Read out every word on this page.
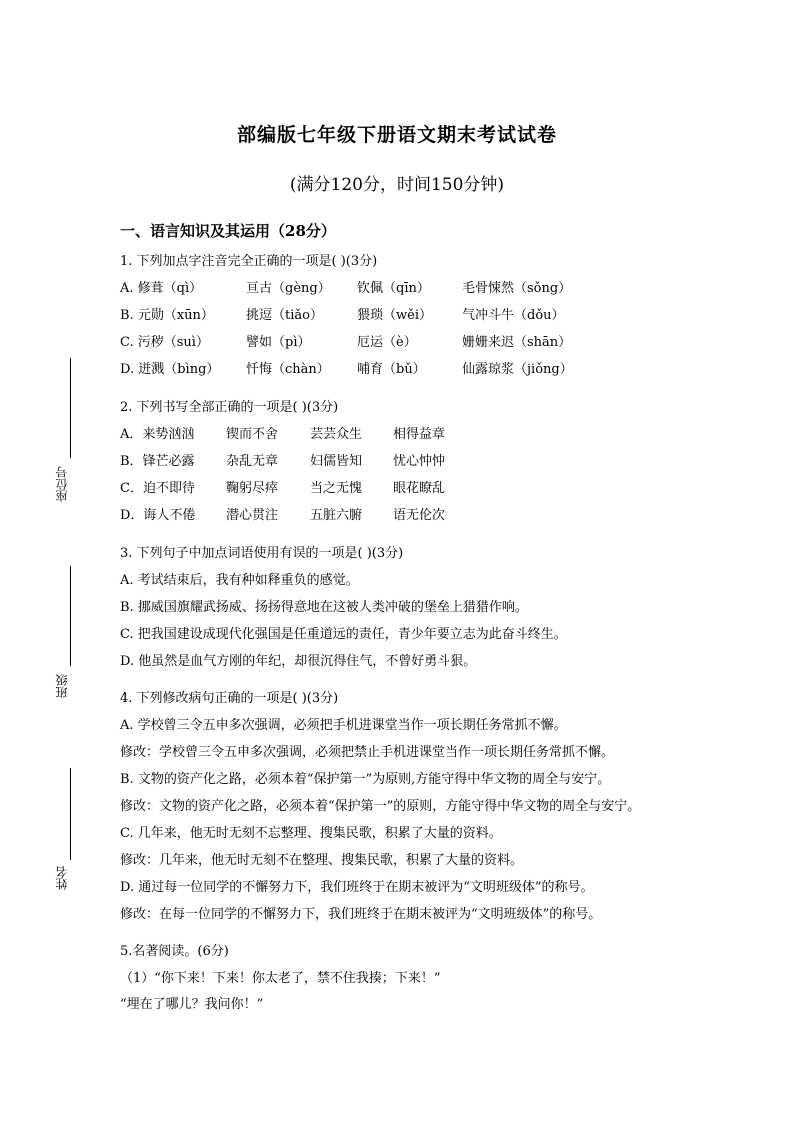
座位号
班级
姓名
部编版七年级下册语文期末考试试卷
(满分120分，时间150分钟)
一、语言知识及其运用（28分）
1. 下列加点字注音完全正确的一项是( )(3分)
A. 修葺（qì）	亘古（gèng） 钦佩（qīn） 毛骨悚然（sǒng）
B. 元勋（xūn） 挑逗（tiǎo）	猥琐（wěi） 气冲斗牛（dǒu）
C. 污秽（suì）	譬如（pì）	厄运（è）	姗姗来迟（shān）
D. 迸溅（bìng） 忏悔（chàn） 哺育（bǔ）	仙露琼浆（jiǒng）
2. 下列书写全部正确的一项是( )(3分)
A．来势汹汹 锲而不舍 芸芸众生 相得益章
B．锋芒必露 杂乱无章 妇儒皆知 忧心忡忡
C．迫不即待 鞠躬尽瘁 当之无愧 眼花瞭乱
D．诲人不倦 潜心贯注 五脏六腑 语无伦次
3. 下列句子中加点词语使用有误的一项是( )(3分)
A. 考试结束后，我有种如释重负的感觉。
B. 挪威国旗耀武扬威、扬扬得意地在这被人类冲破的堡垒上猎猎作响。
C. 把我国建设成现代化强国是任重道远的责任，青少年要立志为此奋斗终生。
D. 他虽然是血气方刚的年纪，却很沉得住气，不曾好勇斗狠。
4. 下列修改病句正确的一项是( )(3分)
A. 学校曾三令五申多次强调，必须把手机进课堂当作一项长期任务常抓不懈。
修改：学校曾三令五申多次强调，必须把禁止手机进课堂当作一项长期任务常抓不懈。
B. 文物的资产化之路，必须本着“保护第一”为原则,方能守得中华文物的周全与安宁。
修改：文物的资产化之路，必须本着“保护第一”的原则，方能守得中华文物的周全与安宁。
C. 几年来，他无时无刻不忘整理、搜集民歌，积累了大量的资料。
修改：几年来，他无时无刻不在整理、搜集民歌，积累了大量的资料。
D. 通过每一位同学的不懈努力下，我们班终于在期末被评为“文明班级体”的称号。
修改：在每一位同学的不懈努力下，我们班终于在期末被评为“文明班级体”的称号。
5.名著阅读。(6分)
（1）“你下来！下来！你太老了，禁不住我揍；下来！”
“埋在了哪儿？我问你！”
